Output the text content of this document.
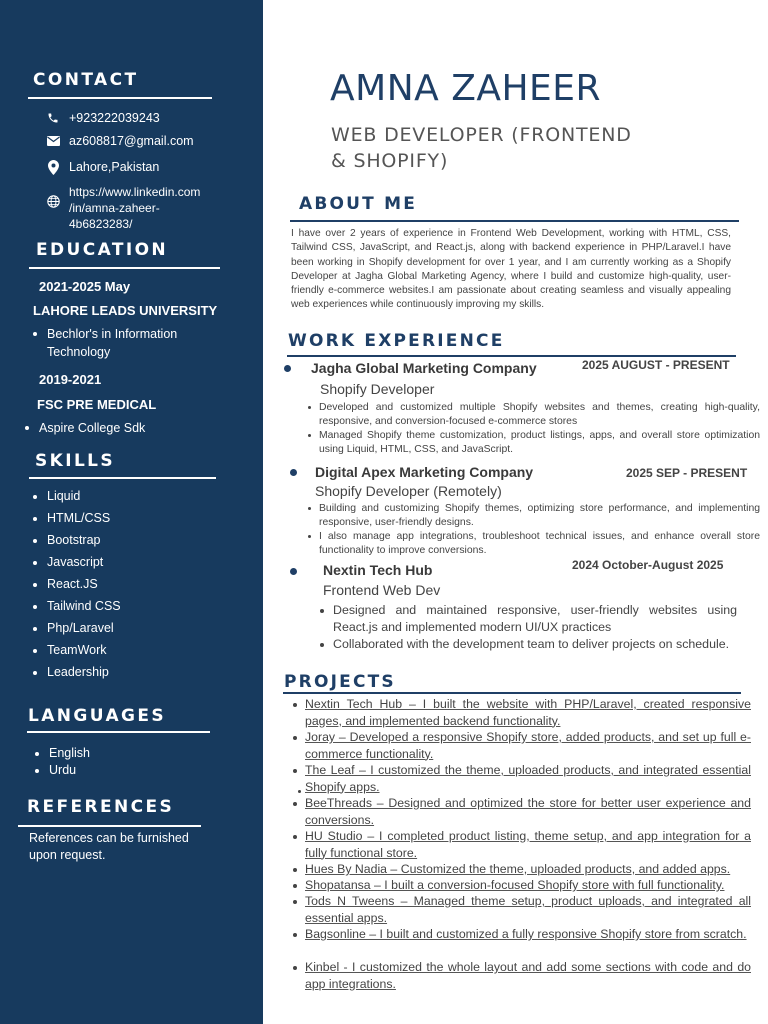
CONTACT
+923222039243
az608817@gmail.com
Lahore,Pakistan
https://www.linkedin.com /in/amna-zaheer- 4b6823283/
EDUCATION
2021-2025 May
LAHORE LEADS UNIVERSITY
Bechlor's in Information Technology
2019-2021
FSC PRE MEDICAL
Aspire College Sdk
SKILLS
Liquid
HTML/CSS
Bootstrap
Javascript
React.JS
Tailwind CSS
Php/Laravel
TeamWork
Leadership
LANGUAGES
English
Urdu
REFERENCES
References can be furnished upon request.
AMNA ZAHEER
WEB DEVELOPER (FRONTEND & SHOPIFY)
ABOUT ME
I have over 2 years of experience in Frontend Web Development, working with HTML, CSS, Tailwind CSS, JavaScript, and React.js, along with backend experience in PHP/Laravel.I have been working in Shopify development for over 1 year, and I am currently working as a Shopify Developer at Jagha Global Marketing Agency, where I build and customize high-quality, user-friendly e-commerce websites.I am passionate about creating seamless and visually appealing web experiences while continuously improving my skills.
WORK EXPERIENCE
Jagha Global Marketing Company	2025 AUGUST - PRESENT
Shopify Developer
Developed and customized multiple Shopify websites and themes, creating high-quality, responsive, and conversion-focused e-commerce stores
Managed Shopify theme customization, product listings, apps, and overall store optimization using Liquid, HTML, CSS, and JavaScript.
Digital Apex Marketing Company	2025 SEP - PRESENT
Shopify Developer (Remotely)
Building and customizing Shopify themes, optimizing store performance, and implementing responsive, user-friendly designs.
I also manage app integrations, troubleshoot technical issues, and enhance overall store functionality to improve conversions.
Nextin Tech Hub	2024 October-August 2025
Frontend Web Dev
Designed and maintained responsive, user-friendly websites using React.js and implemented modern UI/UX practices
Collaborated with the development team to deliver projects on schedule.
PROJECTS
Nextin Tech Hub – I built the website with PHP/Laravel, created responsive pages, and implemented backend functionality.
Joray – Developed a responsive Shopify store, added products, and set up full e-commerce functionality.
The Leaf – I customized the theme, uploaded products, and integrated essential Shopify apps.
BeeThreads – Designed and optimized the store for better user experience and conversions.
HU Studio – I completed product listing, theme setup, and app integration for a fully functional store.
Hues By Nadia – Customized the theme, uploaded products, and added apps.
Shopatansa – I built a conversion-focused Shopify store with full functionality.
Tods N Tweens – Managed theme setup, product uploads, and integrated all essential apps.
Bagsonline – I built and customized a fully responsive Shopify store from scratch.
Kinbel - I customized the whole layout and add some sections with code and do app integrations.
